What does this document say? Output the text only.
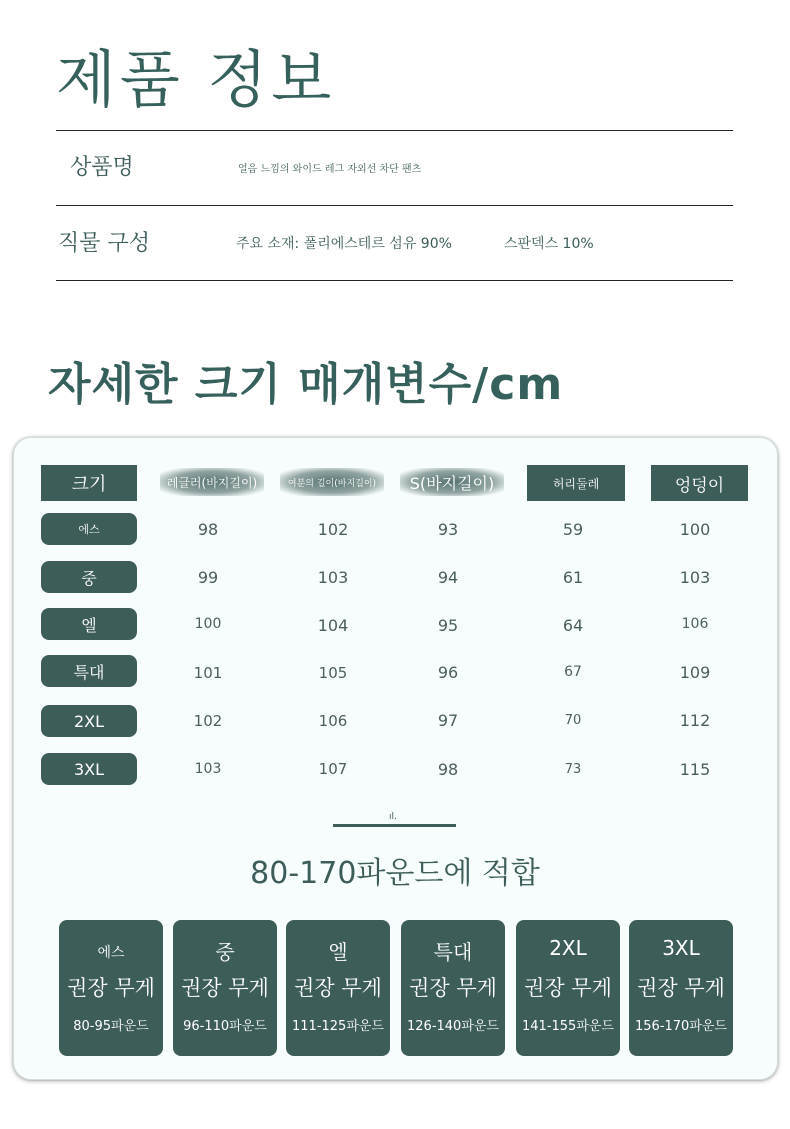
제품 정보
상품명	얼음 느낌의 와이드 레그 자외선 차단 팬츠
직물 구성	주요 소재: 폴리에스테르 섬유 90%	스판덱스 10%
자세한 크기 매개변수/cm
크기	레글러(바지길이)	여분의 길이(바지길이)	S(바지길이)	허리둘레	엉덩이
에스	98	102	93	59	100
중	99	103	94	61	103
엘	100	104	95	64	106
특대	101	105	96	67	109
2XL	102	106	97	70	112
3XL	103	107	98	73	115
ıl.
80-170파운드에 적합
에스
권장 무게
80-95파운드
중
권장 무게
96-110파운드
엘
권장 무게
111-125파운드
특대
권장 무게
126-140파운드
2XL
권장 무게
141-155파운드
3XL
권장 무게
156-170파운드
